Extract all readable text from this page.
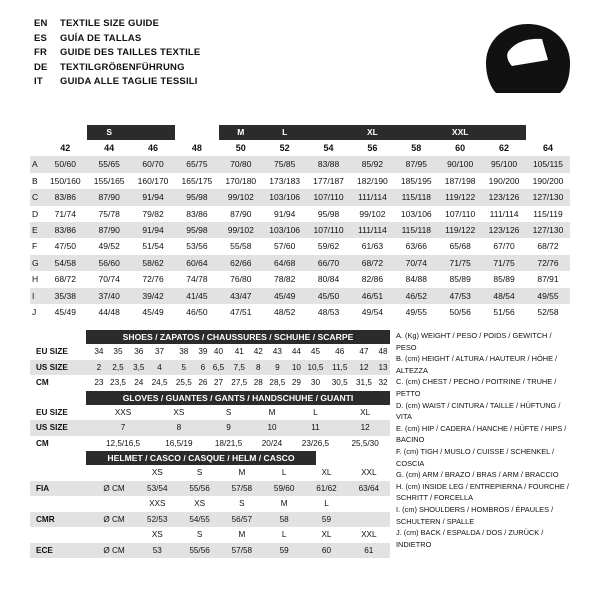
EN	TEXTILE SIZE GUIDE
ES	GUÍA DE TALLAS
FR	GUIDE DES TAILLES TEXTILE
DE	TEXTILGRÖßENFÜHRUNG
IT	GUIDA ALLE TAGLIE TESSILI
		S			M	L		XL		XXL		
	42	44	46	48	50	52	54	56	58	60	62	64
A	50/60	55/65	60/70	65/75	70/80	75/85	83/88	85/92	87/95	90/100	95/100	105/115
B	150/160	155/165	160/170	165/175	170/180	173/183	177/187	182/190	185/195	187/198	190/200	190/200
C	83/86	87/90	91/94	95/98	99/102	103/106	107/110	111/114	115/118	119/122	123/126	127/130
D	71/74	75/78	79/82	83/86	87/90	91/94	95/98	99/102	103/106	107/110	111/114	115/119
E	83/86	87/90	91/94	95/98	99/102	103/106	107/110	111/114	115/118	119/122	123/126	127/130
F	47/50	49/52	51/54	53/56	55/58	57/60	59/62	61/63	63/66	65/68	67/70	68/72
G	54/58	56/60	58/62	60/64	62/66	64/68	66/70	68/72	70/74	71/75	71/75	72/76
H	68/72	70/74	72/76	74/78	76/80	78/82	80/84	82/86	84/88	85/89	85/89	87/91
I	35/38	37/40	39/42	41/45	43/47	45/49	45/50	46/51	46/52	47/53	48/54	49/55
J	45/49	44/48	45/49	46/50	47/51	48/52	48/53	49/54	49/55	50/56	51/56	52/58
SHOES / ZAPATOS / CHAUSSURES / SCHUHE / SCARPE
EU SIZE	34	35	36	37	38	39	40	41	42	43	44	45	46	47	48
US SIZE	2	2,5	3,5	4	5	6	6,5	7,5	8	9	10	10,5	11,5	12	13
CM	23	23,5	24	24,5	25,5	26	27	27,5	28	28,5	29	30	30,5	31,5	32
GLOVES / GUANTES / GANTS / HANDSCHUHE / GUANTI
EU SIZE	XXS	XS	S	M	L	XL
US SIZE	7	8	9	10	11	12
CM	12,5/16,5	16,5/19	18/21,5	20/24	23/26,5	25,5/30
HELMET / CASCO / CASQUE / HELM / CASCO
		XS	S	M	L	XL	XXL
FIA	Ø CM	53/54	55/56	57/58	59/60	61/62	63/64
		XXS	XS	S	M	L	
CMR	Ø CM	52/53	54/55	56/57	58	59	
		XS	S	M	L	XL	XXL
ECE	Ø CM	53	55/56	57/58	59	60	61

A. (Kg) WEIGHT / PESO / POIDS / GEWITCH / PESO

B. (cm) HEIGHT / ALTURA / HAUTEUR / HÖHE / ALTEZZA

C. (cm) CHEST / PECHO / POITRINE / TRUHE / PETTO

D. (cm) WAIST / CINTURA / TAILLE / HÜFTUNG / VITA

E. (cm) HIP / CADERA / HANCHE / HÜFTE / HIPS / BACINO

F. (cm) TIGH / MUSLO / CUISSE / SCHENKEL / COSCIA

G. (cm) ARM / BRAZO / BRAS / ARM / BRACCIO

H. (cm) INSIDE LEG / ENTREPIERNA / FOURCHE /

SCHRITT / FORCELLA

I. (cm) SHOULDERS / HOMBROS / ÉPAULES /

SCHULTERN / SPALLE

J. (cm) BACK / ESPALDA / DOS / ZURÜCK / INDIETRO
